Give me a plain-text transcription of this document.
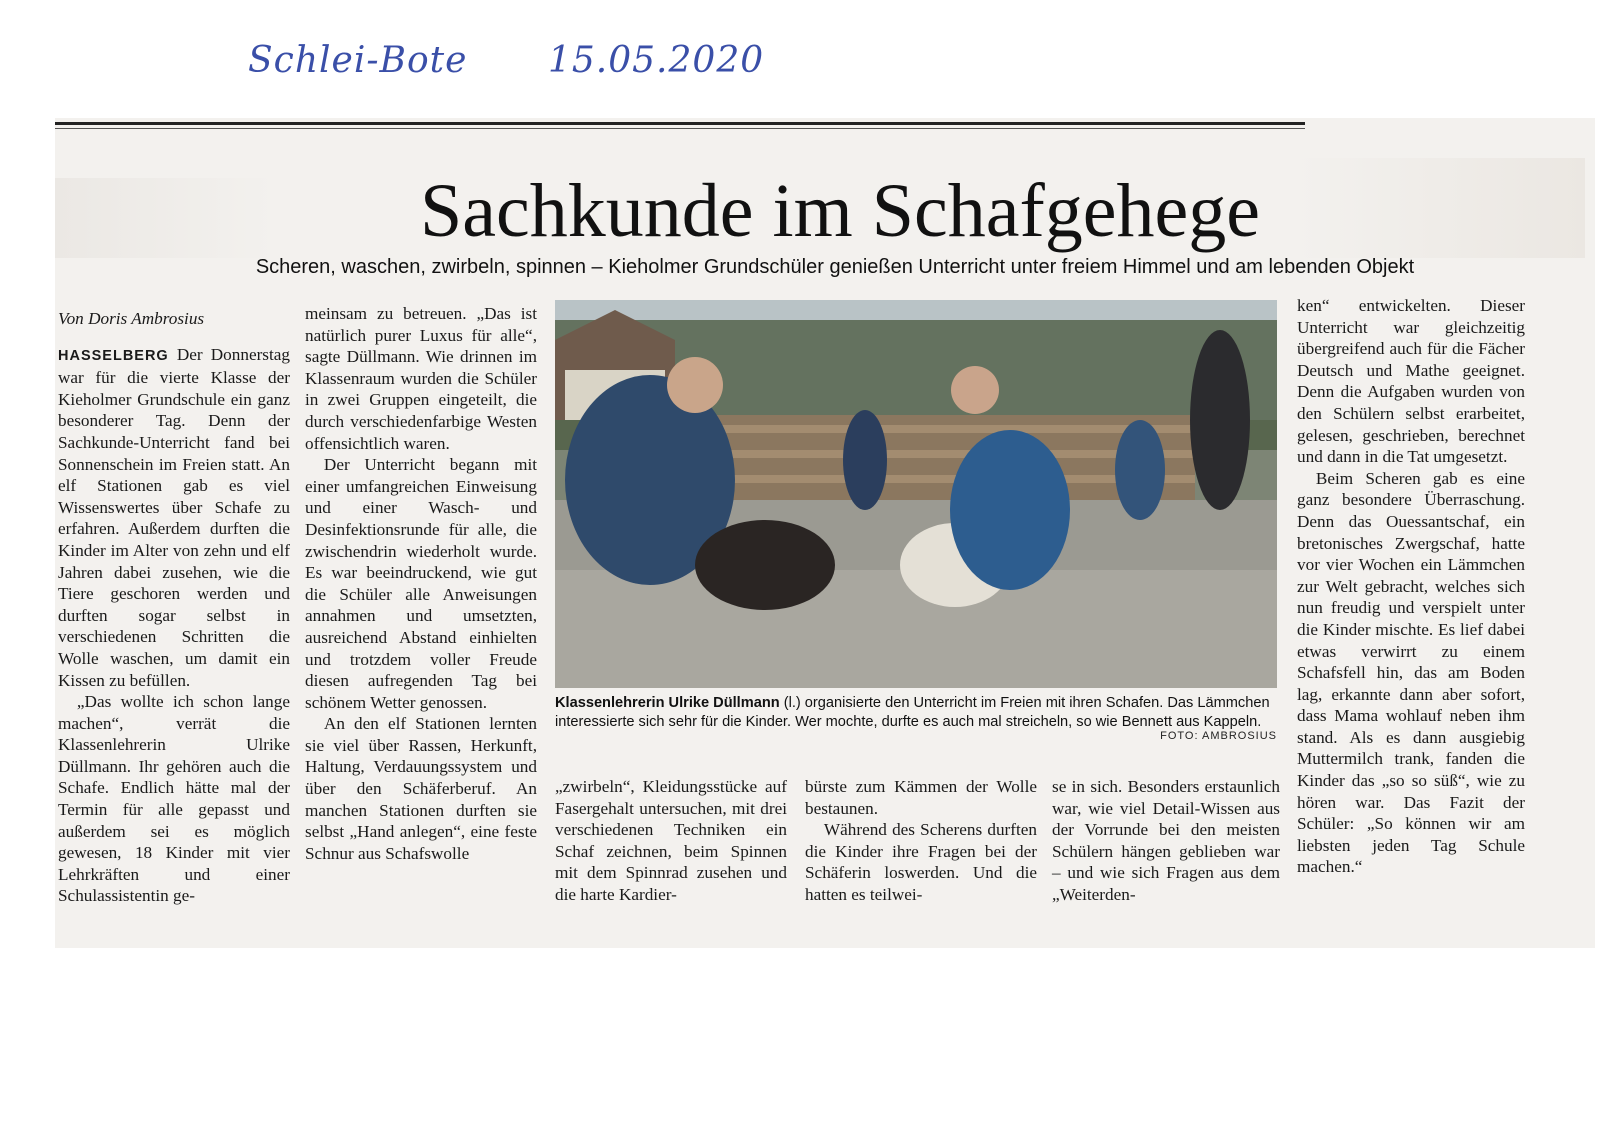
Schlei-Bote 15.05.2020
Sachkunde im Schafgehege
Scheren, waschen, zwirbeln, spinnen – Kieholmer Grundschüler genießen Unterricht unter freiem Himmel und am lebenden Objekt

Von Doris Ambrosius

HASSELBERG Der Donnerstag war für die vierte Klasse der Kieholmer Grundschule ein ganz besonderer Tag. Denn der Sachkunde-Unterricht fand bei Sonnenschein im Freien statt. An elf Stationen gab es viel Wissenswertes über Schafe zu erfahren. Außerdem durften die Kinder im Alter von zehn und elf Jahren dabei zusehen, wie die Tiere geschoren werden und durften sogar selbst in verschiedenen Schritten die Wolle waschen, um damit ein Kissen zu befüllen.

„Das wollte ich schon lange machen“, verrät die Klassenlehrerin Ulrike Düllmann. Ihr gehören auch die Schafe. Endlich hätte mal der Termin für alle gepasst und außerdem sei es möglich gewesen, 18 Kinder mit vier Lehrkräften und einer Schulassistentin ge-

meinsam zu betreuen. „Das ist natürlich purer Luxus für alle“, sagte Düllmann. Wie drinnen im Klassenraum wurden die Schüler in zwei Gruppen eingeteilt, die durch verschiedenfarbige Westen offensichtlich waren.

Der Unterricht begann mit einer umfangreichen Einweisung und einer Wasch- und Desinfektionsrunde für alle, die zwischendrin wiederholt wurde. Es war beeindruckend, wie gut die Schüler alle Anweisungen annahmen und umsetzten, ausreichend Abstand einhielten und trotzdem voller Freude diesen aufregenden Tag bei schönem Wetter genossen.

An den elf Stationen lernten sie viel über Rassen, Herkunft, Haltung, Verdauungssystem und über den Schäferberuf. An manchen Stationen durften sie selbst „Hand anlegen“, eine feste Schnur aus Schafswolle

Klassenlehrerin Ulrike Düllmann (l.) organisierte den Unterricht im Freien mit ihren Schafen. Das Lämmchen interessierte sich sehr für die Kinder. Wer mochte, durfte es auch mal streicheln, so wie Bennett aus Kappeln.
FOTO: AMBROSIUS

„zwirbeln“, Kleidungsstücke auf Fasergehalt untersuchen, mit drei verschiedenen Techniken ein Schaf zeichnen, beim Spinnen mit dem Spinnrad zusehen und die harte Kardier-

bürste zum Kämmen der Wolle bestaunen.

Während des Scherens durften die Kinder ihre Fragen bei der Schäferin loswerden. Und die hatten es teilwei-

se in sich. Besonders erstaunlich war, wie viel Detail-Wissen aus der Vorrunde bei den meisten Schülern hängen geblieben war – und wie sich Fragen aus dem „Weiterden-

ken“ entwickelten. Dieser Unterricht war gleichzeitig übergreifend auch für die Fächer Deutsch und Mathe geeignet. Denn die Aufgaben wurden von den Schülern selbst erarbeitet, gelesen, geschrieben, berechnet und dann in die Tat umgesetzt.

Beim Scheren gab es eine ganz besondere Überraschung. Denn das Ouessantschaf, ein bretonisches Zwergschaf, hatte vor vier Wochen ein Lämmchen zur Welt gebracht, welches sich nun freudig und verspielt unter die Kinder mischte. Es lief dabei etwas verwirrt zu einem Schafsfell hin, das am Boden lag, erkannte dann aber sofort, dass Mama wohlauf neben ihm stand. Als es dann ausgiebig Muttermilch trank, fanden die Kinder das „so so süß“, wie zu hören war. Das Fazit der Schüler: „So können wir am liebsten jeden Tag Schule machen.“
